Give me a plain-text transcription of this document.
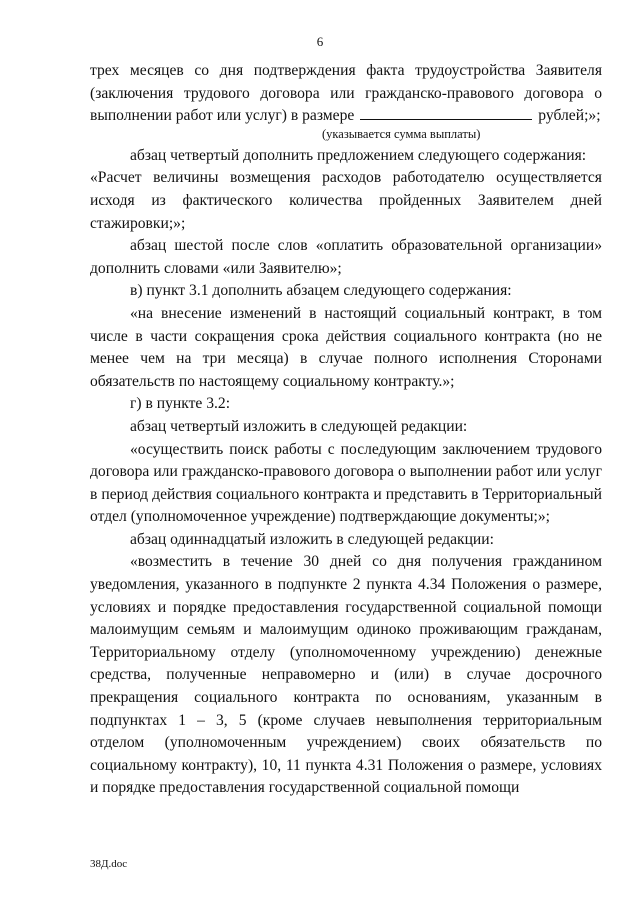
6

трех месяцев со дня подтверждения факта трудоустройства Заявителя (заключения трудового договора или гражданско-правового договора о выполнении работ или услуг) в размере	рублей;»;

(указывается сумма выплаты)

абзац четвертый дополнить предложением следующего содержания:

«Расчет величины возмещения расходов работодателю осуществляется исходя из фактического количества пройденных Заявителем дней стажировки;»;

абзац шестой после слов «оплатить образовательной организации» дополнить словами «или Заявителю»;

в) пункт 3.1 дополнить абзацем следующего содержания:

«на внесение изменений в настоящий социальный контракт, в том числе в части сокращения срока действия социального контракта (но не менее чем на три месяца) в случае полного исполнения Сторонами обязательств по настоящему социальному контракту.»;

г) в пункте 3.2:

абзац четвертый изложить в следующей редакции:

«осуществить поиск работы с последующим заключением трудового договора или гражданско-правового договора о выполнении работ или услуг в период действия социального контракта и представить в Территориальный отдел (уполномоченное учреждение) подтверждающие документы;»;

абзац одиннадцатый изложить в следующей редакции:

«возместить в течение 30 дней со дня получения гражданином уведомления, указанного в подпункте 2 пункта 4.34 Положения о размере, условиях и порядке предоставления государственной социальной помощи малоимущим семьям и малоимущим одиноко проживающим гражданам, Территориальному отделу (уполномоченному учреждению) денежные средства, полученные неправомерно и (или) в случае досрочного прекращения социального контракта по основаниям, указанным в подпунктах 1 – 3, 5 (кроме случаев невыполнения территориальным отделом (уполномоченным учреждением) своих обязательств по социальному контракту), 10, 11 пункта 4.31 Положения о размере, условиях и порядке предоставления государственной социальной помощи

38Д.doc
